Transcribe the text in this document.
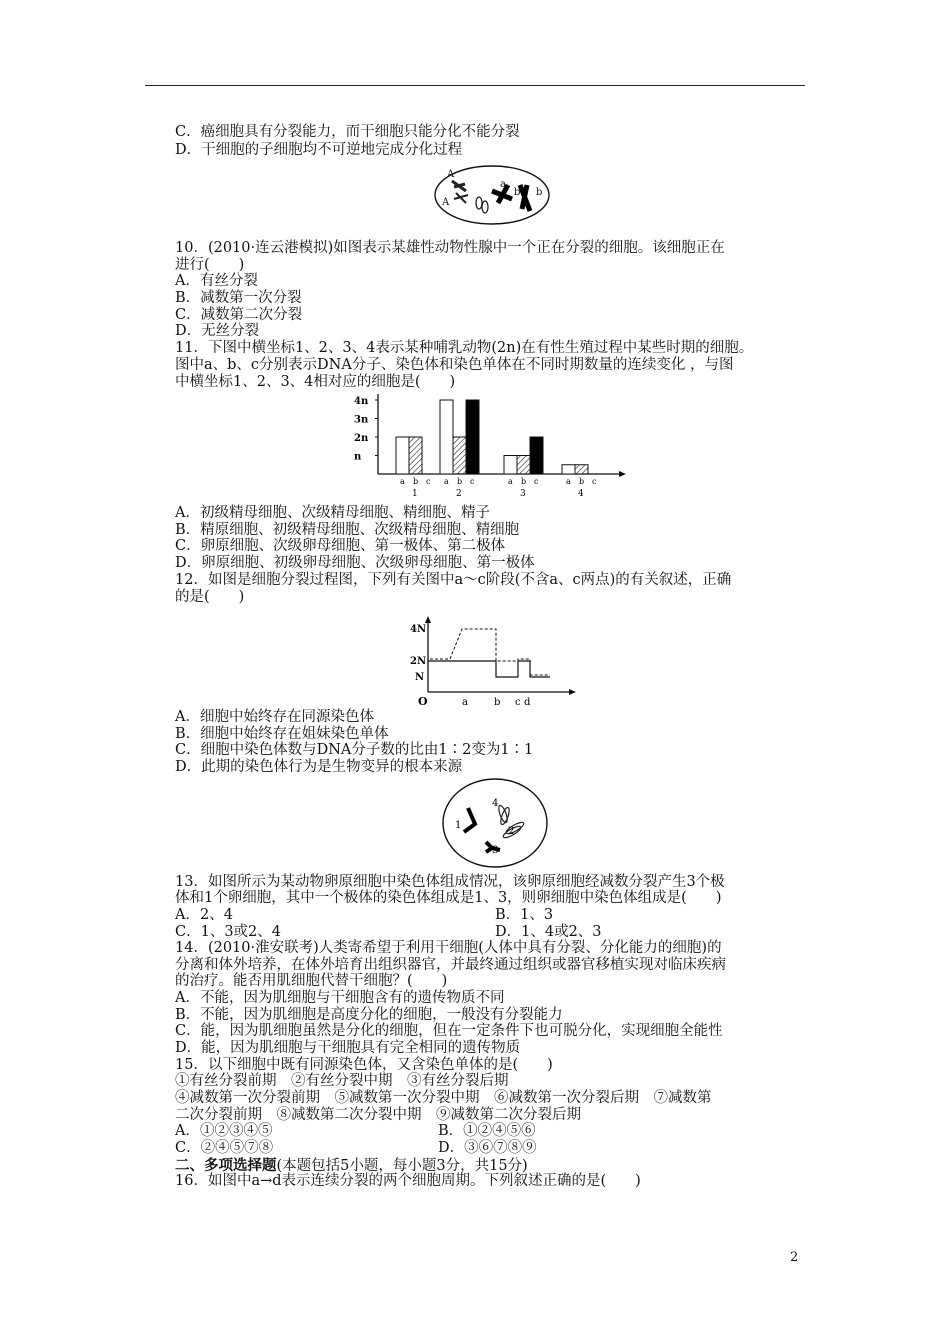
C．癌细胞具有分裂能力，而干细胞只能分化不能分裂
D．干细胞的子细胞均不可逆地完成分化过程
A
A
a
b b
10．(2010·连云港模拟)如图表示某雄性动物性腺中一个正在分裂的细胞。该细胞正在
进行(　　)
A．有丝分裂
B．减数第一次分裂
C．减数第二次分裂
D．无丝分裂
11．下图中横坐标1、2、3、4表示某种哺乳动物(2n)在有性生殖过程中某些时期的细胞。
图中a、b、c分别表示DNA分子、染色体和染色单体在不同时期数量的连续变化 ，与图
中横坐标1、2、3、4相对应的细胞是(　　)
n
2n
3n
4n
a b c
1
a b c
2
a b c
3
a b c
4
A．初级精母细胞、次级精母细胞、精细胞、精子
B．精原细胞、初级精母细胞、次级精母细胞、精细胞
C．卵原细胞、次级卵母细胞、第一极体、第二极体
D．卵原细胞、初级卵母细胞、次级卵母细胞、第一极体
12．如图是细胞分裂过程图，下列有关图中a～c阶段(不含a、c两点)的有关叙述，正确
的是(　　)
4N
2N
N
O	a	b c d
A．细胞中始终存在同源染色体
B．细胞中始终存在姐妹染色单体
C．细胞中染色体数与DNA分子数的比由1∶2变为1∶1
D．此期的染色体行为是生物变异的根本来源
1
2
3
4
13．如图所示为某动物卵原细胞中染色体组成情况，该卵原细胞经减数分裂产生3个极
体和1个卵细胞，其中一个极体的染色体组成是1、3，则卵细胞中染色体组成是(　　)
A．2、4	B．1、3
C．1、3或2、4	D．1、4或2、3
14．(2010·淮安联考)人类寄希望于利用干细胞(人体中具有分裂、分化能力的细胞)的
分离和体外培养，在体外培育出组织器官，并最终通过组织或器官移植实现对临床疾病
的治疗。能否用肌细胞代替干细胞？(　　)
A．不能，因为肌细胞与干细胞含有的遗传物质不同
B．不能，因为肌细胞是高度分化的细胞，一般没有分裂能力
C．能，因为肌细胞虽然是分化的细胞，但在一定条件下也可脱分化，实现细胞全能性
D．能，因为肌细胞与干细胞具有完全相同的遗传物质
15．以下细胞中既有同源染色体，又含染色单体的是(　　)
①有丝分裂前期　②有丝分裂中期　③有丝分裂后期
④减数第一次分裂前期　⑤减数第一次分裂中期　⑥减数第一次分裂后期　⑦减数第
二次分裂前期　⑧减数第二次分裂中期　⑨减数第二次分裂后期
A．①②③④⑤	B．①②④⑤⑥
C．②④⑤⑦⑧	D．③⑥⑦⑧⑨
二、多项选择题(本题包括5小题，每小题3分，共15分)
16．如图中a→d表示连续分裂的两个细胞周期。下列叙述正确的是(　　)
2
